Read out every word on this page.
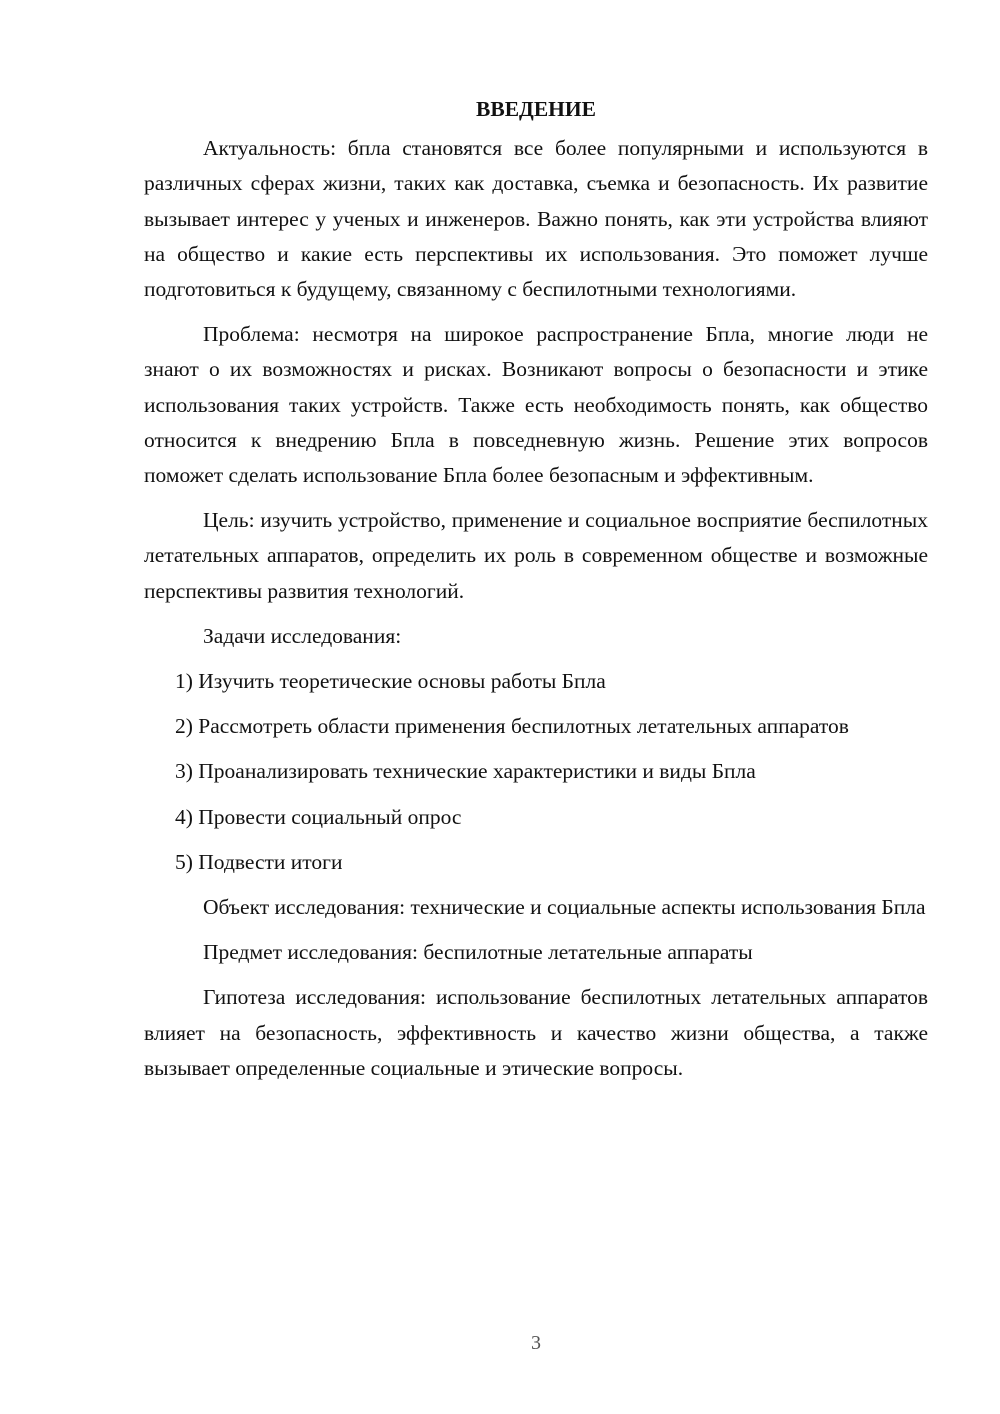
ВВЕДЕНИЕ

Актуальность: бпла становятся все более популярными и используются в различных сферах жизни, таких как доставка, съемка и безопасность. Их развитие вызывает интерес у ученых и инженеров. Важно понять, как эти устройства влияют на общество и какие есть перспективы их использования. Это поможет лучше подготовиться к будущему, связанному с беспилотными технологиями.

Проблема: несмотря на широкое распространение Бпла, многие люди не знают о их возможностях и рисках. Возникают вопросы о безопасности и этике использования таких устройств. Также есть необходимость понять, как общество относится к внедрению Бпла в повседневную жизнь. Решение этих вопросов поможет сделать использование Бпла более безопасным и эффективным.

Цель: изучить устройство, применение и социальное восприятие беспилотных летательных аппаратов, определить их роль в современном обществе и возможные перспективы развития технологий.

Задачи исследования:

1) Изучить теоретические основы работы Бпла

2) Рассмотреть области применения беспилотных летательных аппаратов

3) Проанализировать технические характеристики и виды Бпла

4) Провести социальный опрос

5) Подвести итоги

Объект исследования: технические и социальные аспекты использования Бпла

Предмет исследования: беспилотные летательные аппараты

Гипотеза исследования: использование беспилотных летательных аппаратов влияет на безопасность, эффективность и качество жизни общества, а также вызывает определенные социальные и этические вопросы.

3
